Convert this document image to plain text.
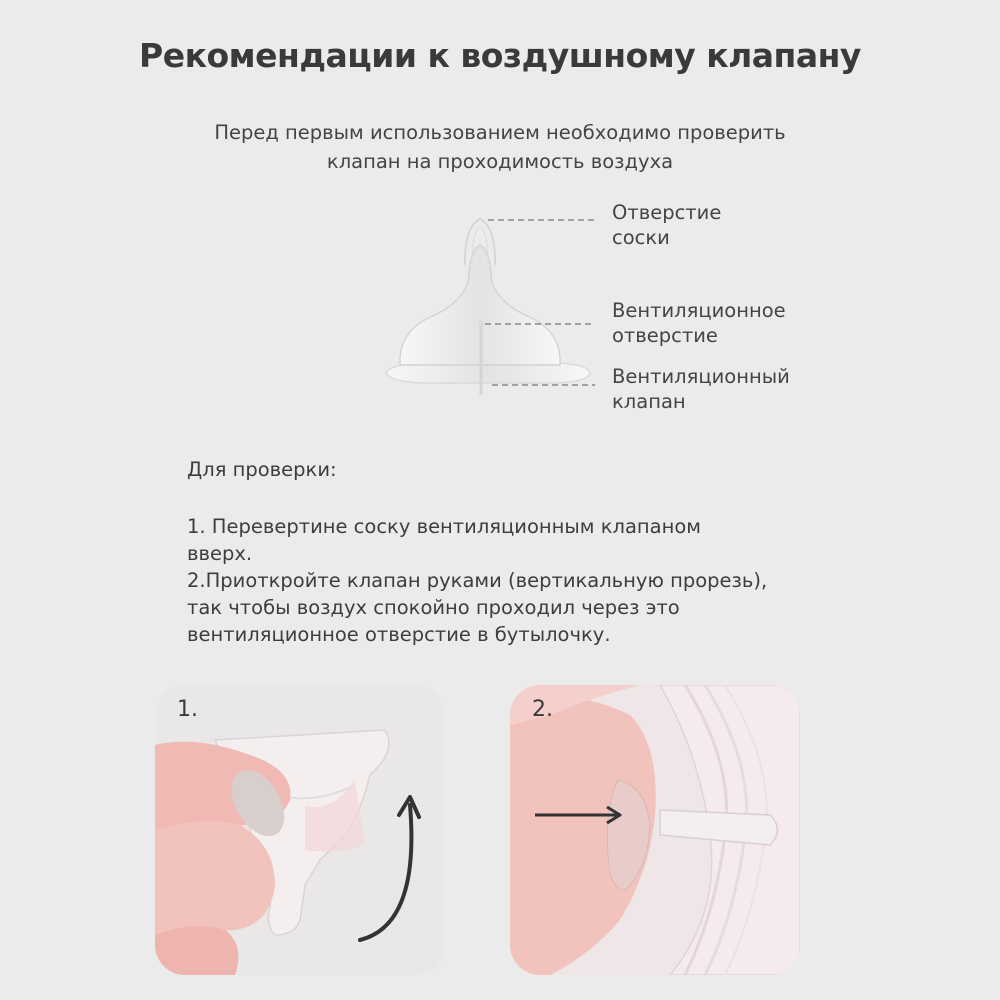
Рекомендации к воздушному клапану
Перед первым использованием необходимо проверить
клапан на проходимость воздуха
Отверстие
соски
Вентиляционное
отверстие
Вентиляционный
клапан
Для проверки:
1. Перевертине соску вентиляционным клапаном
вверх.
2.Приоткройте клапан руками (вертикальную прорезь),
так чтобы воздух спокойно проходил через это
вентиляционное отверстие в бутылочку.
1.	2.
